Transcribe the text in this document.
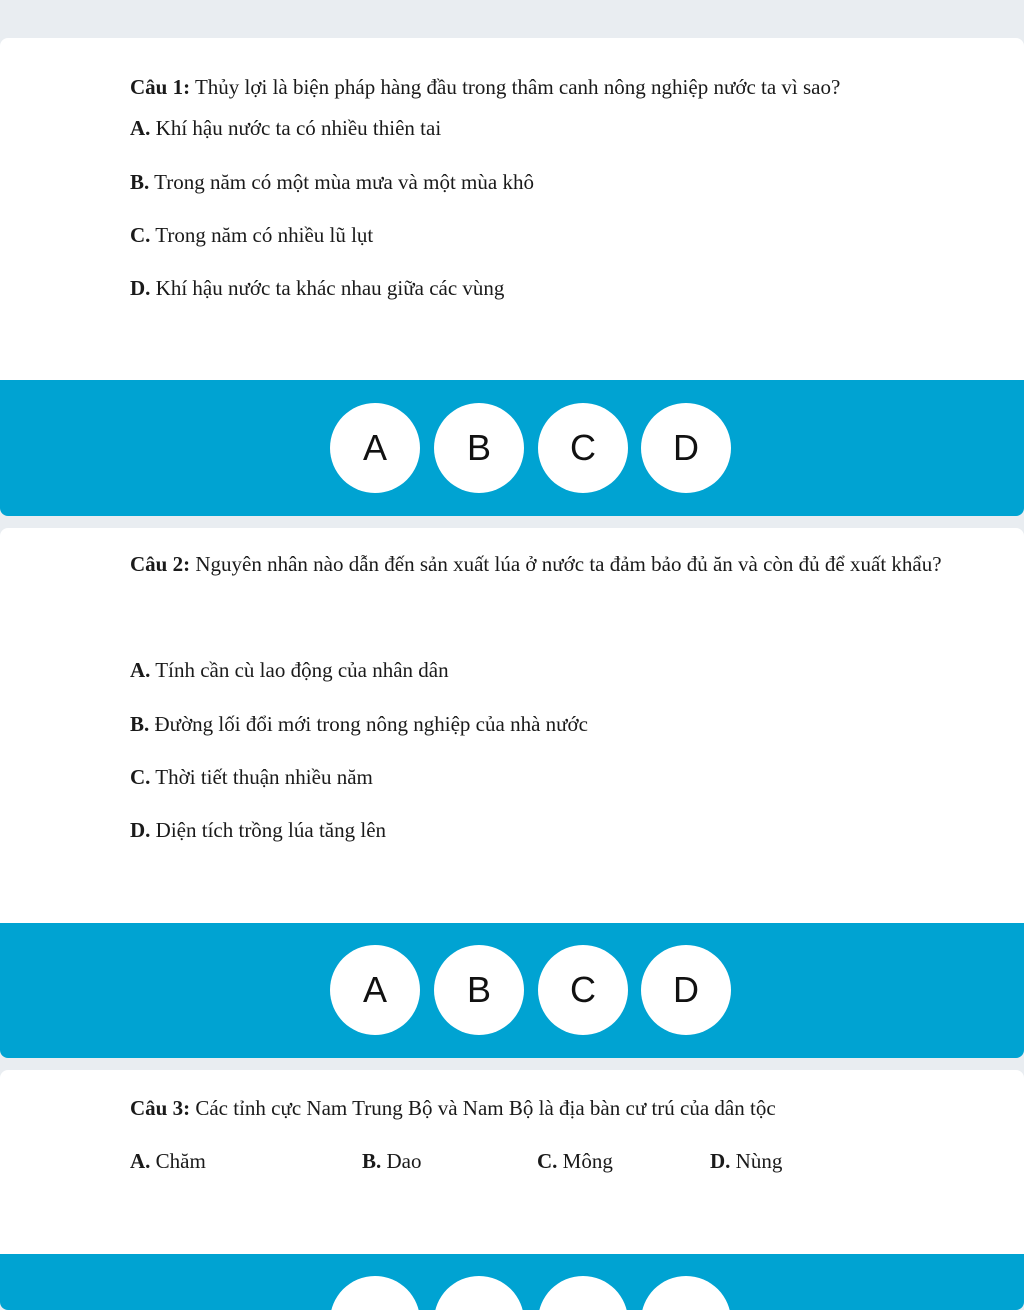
Câu 1: Thủy lợi là biện pháp hàng đầu trong thâm canh nông nghiệp nước ta vì sao?

A. Khí hậu nước ta có nhiều thiên tai
B. Trong năm có một mùa mưa và một mùa khô
C. Trong năm có nhiều lũ lụt
D. Khí hậu nước ta khác nhau giữa các vùng
A	B	C	D

Câu 2: Nguyên nhân nào dẫn đến sản xuất lúa ở nước ta đảm bảo đủ ăn và còn đủ để xuất khẩu?

A. Tính cần cù lao động của nhân dân
B. Đường lối đổi mới trong nông nghiệp của nhà nước
C. Thời tiết thuận nhiều năm
D. Diện tích trồng lúa tăng lên
A	B	C	D

Câu 3: Các tỉnh cực Nam Trung Bộ và Nam Bộ là địa bàn cư trú của dân tộc

A. Chăm	B. Dao	C. Mông	D. Nùng
